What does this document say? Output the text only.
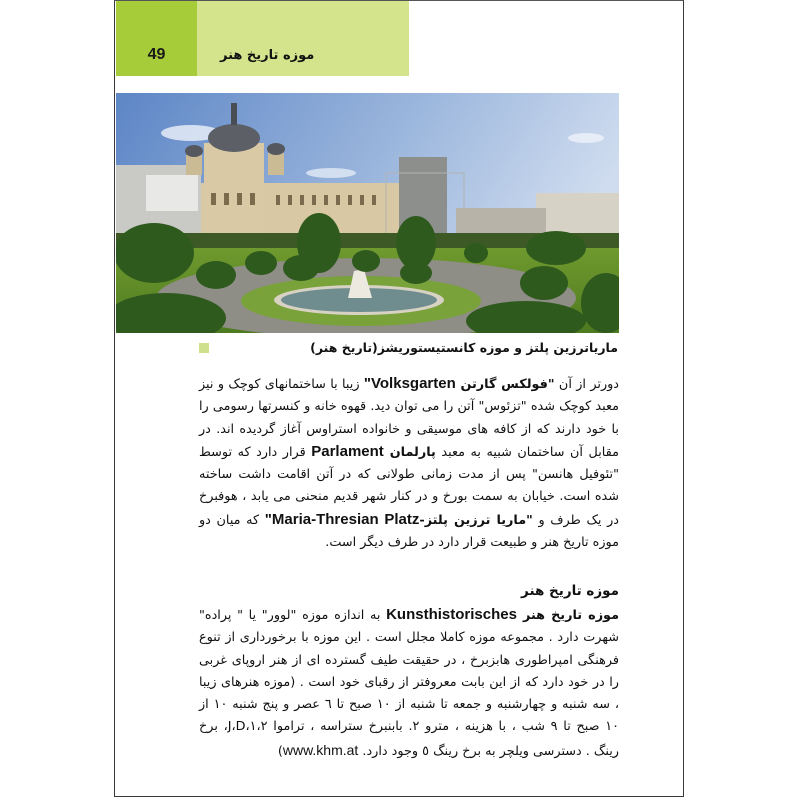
49	موزه تاریخ هنر
ماریاترزین پلتز و موزه کانستیستوریشز(تاریخ هنر)
دورتر از آن "فولکس گارتن Volksgarten" زیبا با ساختمانهای کوچک و نیز معبد کوچک شده "تزئوس" آتن را می توان دید. قهوه خانه و کنسرتها رسومی را با خود دارند که از کافه های موسیقی و خانواده استراوس آغاز گردیده اند. در مقابل آن ساختمان شبیه به معبد پارلمان Parlament قرار دارد که توسط "تئوفیل هانسن" پس از مدت زمانی طولانی که در آتن اقامت داشت ساخته شده است. خیابان به سمت بورخ و در کنار شهر قدیم منحنی می یابد ، هوفبرخ در یک طرف و "ماریا ترزین پلتز-Maria-Thresian Platz" که میان دو موزه تاریخ هنر و طبیعت قرار دارد در طرف دیگر است.
موزه تاریخ هنر
موزه تاریخ هنر Kunsthistorisches به اندازه موزه "لوور" یا " پراده" شهرت دارد . مجموعه موزه کاملا مجلل است . این موزه با برخورداری از تنوع فرهنگی امپراطوری هابزبرخ ، در حقیقت طیف گسترده ای از هنر اروپای غربی را در خود دارد که از این بابت معروفتر از رقبای خود است . (موزه هنرهای زیبا ، سه شنبه و چهارشنبه و جمعه تا شنبه از ۱۰ صبح تا ٦ عصر و پنج شنبه ۱۰ از ۱۰ صبح تا ۹ شب ، با هزینه ، مترو ۲. بابنبرخ ستراسه ، تراموا ۱،۲،J،D، برخ رینگ . دسترسی ویلچر به برخ رینگ ٥ وجود دارد. www.khm.at)
